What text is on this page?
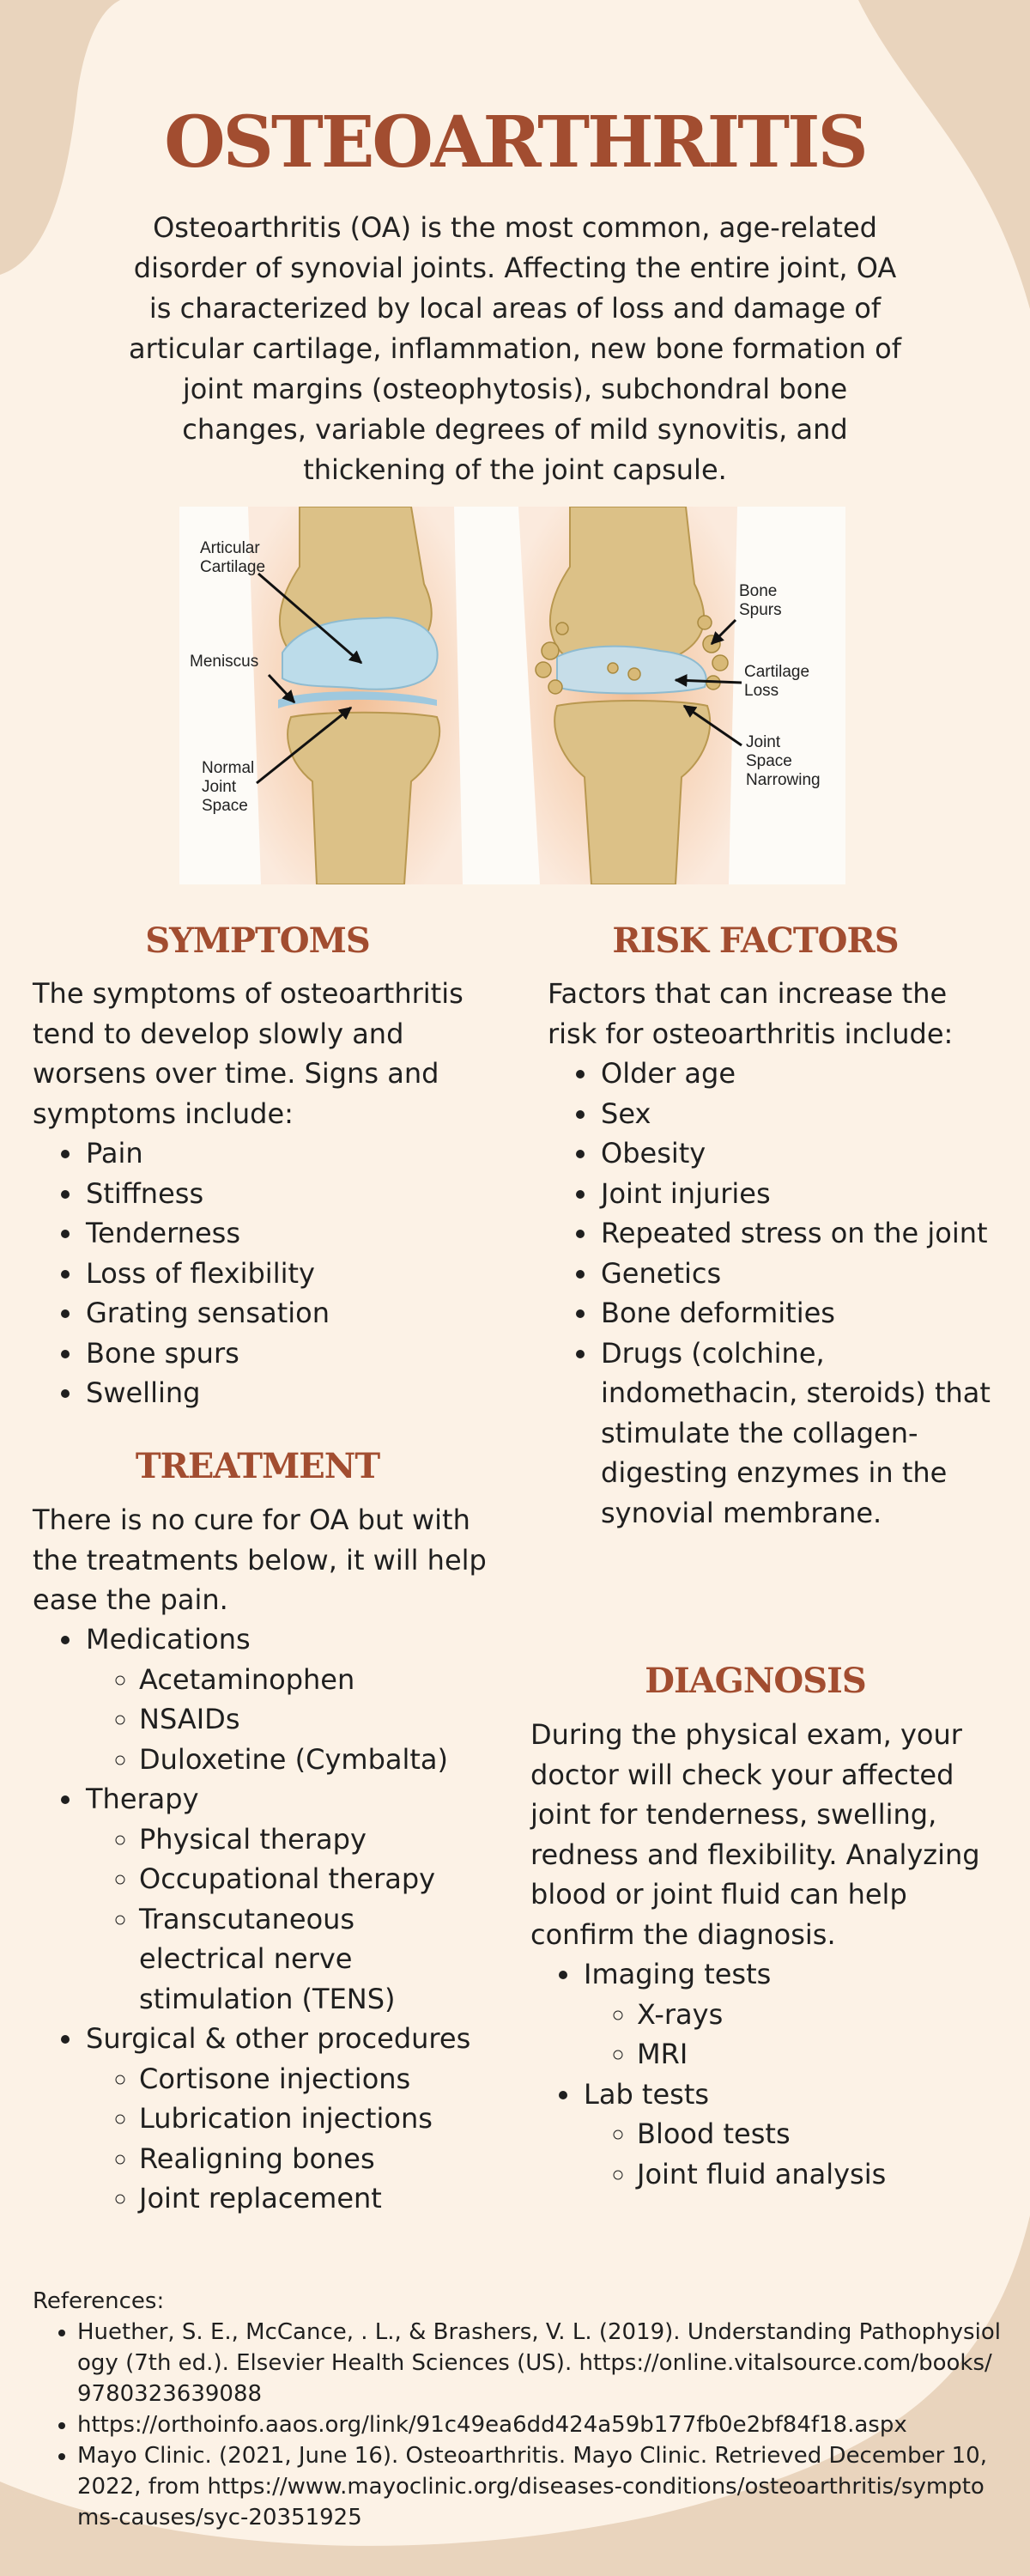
OSTEOARTHRITIS

Osteoarthritis (OA) is the most common, age-related disorder of synovial joints. Affecting the entire joint, OA is characterized by local areas of loss and damage of articular cartilage, inflammation, new bone formation of joint margins (osteophytosis), subchondral bone changes, variable degrees of mild synovitis, and thickening of the joint capsule.

Articular
Cartilage
Meniscus
Normal
Joint
Space
Bone
Spurs
Cartilage
Loss
Joint
Space
Narrowing
SYMPTOMS

The symptoms of osteoarthritis tend to develop slowly and worsens over time. Signs and symptoms include:

• Pain
• Stiffness
• Tenderness
• Loss of flexibility
• Grating sensation
• Bone spurs
• Swelling
TREATMENT

There is no cure for OA but with the treatments below, it will help ease the pain.

• Medications
◦ Acetaminophen
◦ NSAIDs
◦ Duloxetine (Cymbalta)
• Therapy
◦ Physical therapy
◦ Occupational therapy
◦ Transcutaneous electrical nerve stimulation (TENS)
• Surgical & other procedures
◦ Cortisone injections
◦ Lubrication injections
◦ Realigning bones
◦ Joint replacement
RISK FACTORS

Factors that can increase the risk for osteoarthritis include:

• Older age
• Sex
• Obesity
• Joint injuries
• Repeated stress on the joint
• Genetics
• Bone deformities
• Drugs (colchine, indomethacin, steroids) that stimulate the collagen-digesting enzymes in the synovial membrane.
DIAGNOSIS

During the physical exam, your doctor will check your affected joint for tenderness, swelling, redness and flexibility. Analyzing blood or joint fluid can help confirm the diagnosis.

• Imaging tests
◦ X-rays
◦ MRI
• Lab tests
◦ Blood tests
◦ Joint fluid analysis

References:

• Huether, S. E., McCance, . L., & Brashers, V. L. (2019). Understanding Pathophysiology (7th ed.). Elsevier Health Sciences (US). https://online.vitalsource.com/books/9780323639088
• https://orthoinfo.aaos.org/link/91c49ea6dd424a59b177fb0e2bf84f18.aspx
• Mayo Clinic. (2021, June 16). Osteoarthritis. Mayo Clinic. Retrieved December 10, 2022, from https://www.mayoclinic.org/diseases-conditions/osteoarthritis/symptoms-causes/syc-20351925
